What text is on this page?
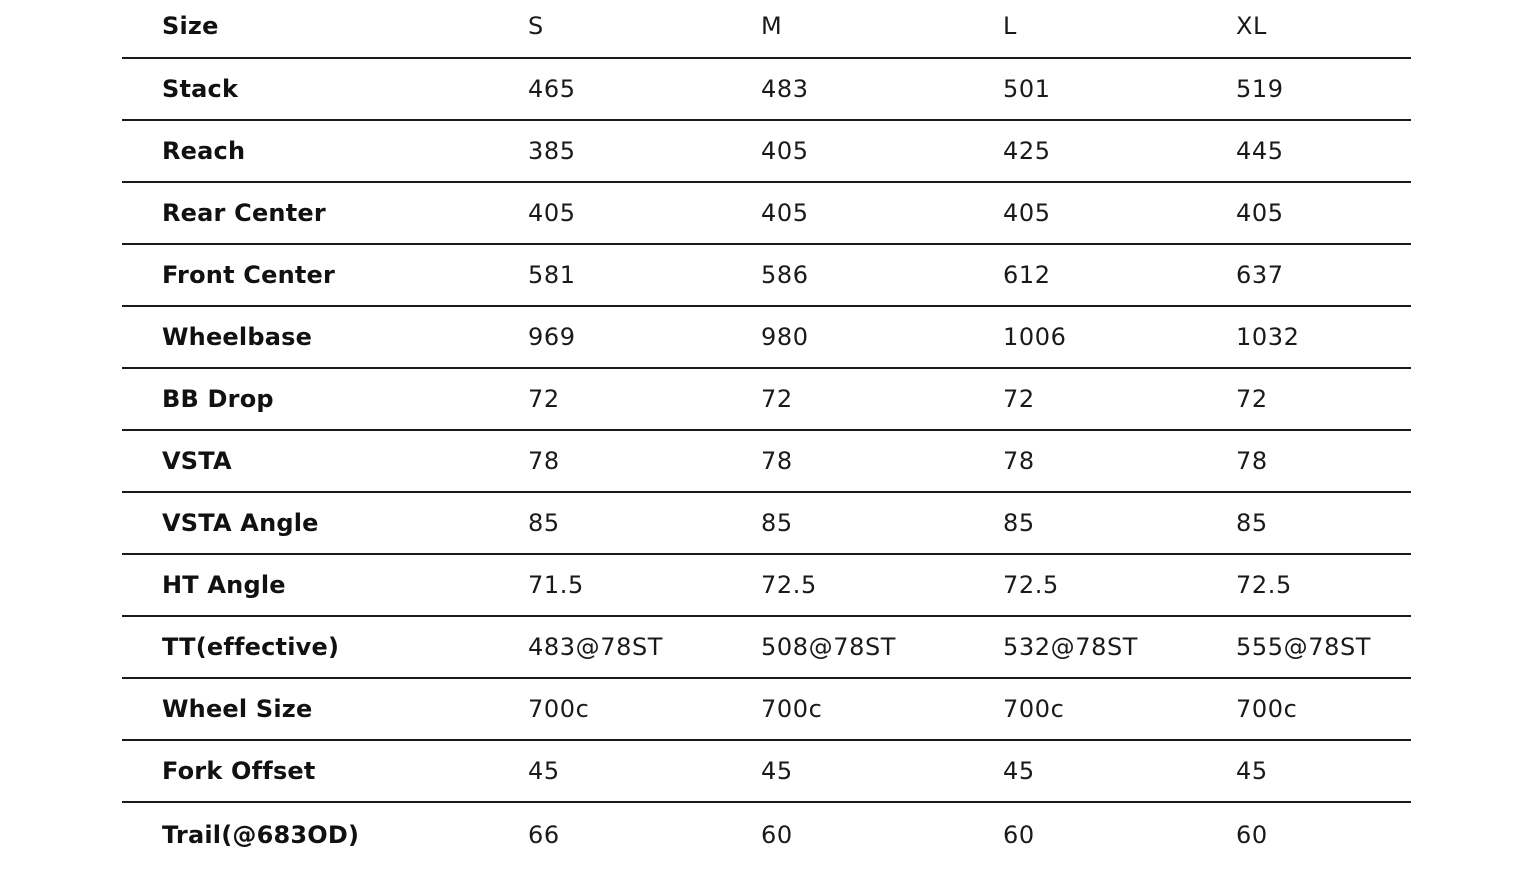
Size	S	M	L	XL
Stack	465	483	501	519
Reach	385	405	425	445
Rear Center	405	405	405	405
Front Center	581	586	612	637
Wheelbase	969	980	1006	1032
BB Drop	72	72	72	72
VSTA	78	78	78	78
VSTA Angle	85	85	85	85
HT Angle	71.5	72.5	72.5	72.5
TT(effective)	483@78ST	508@78ST	532@78ST	555@78ST
Wheel Size	700c	700c	700c	700c
Fork Offset	45	45	45	45
Trail(@683OD)	66	60	60	60
